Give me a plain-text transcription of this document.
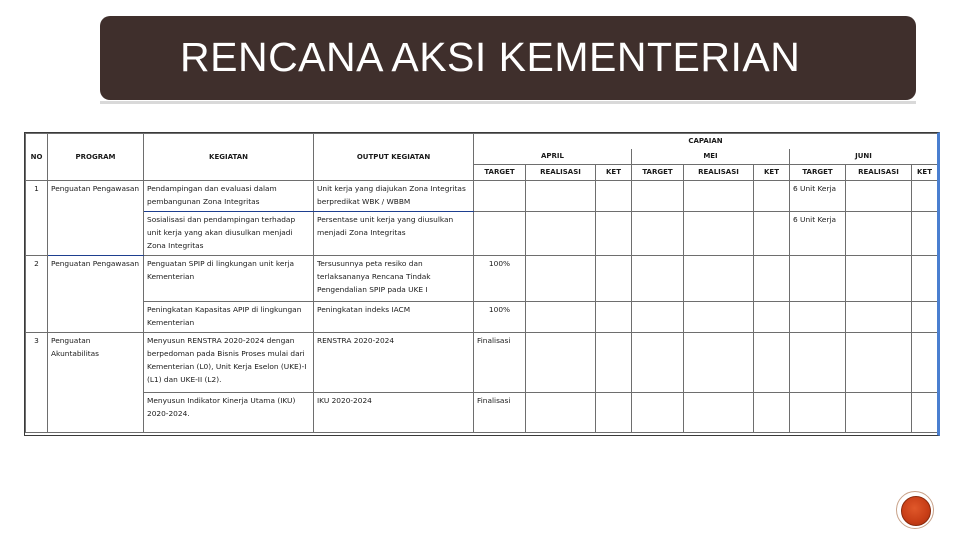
RENCANA AKSI KEMENTERIAN
NO	PROGRAM	KEGIATAN	OUTPUT KEGIATAN	CAPAIAN								
				APRIL			MEI			JUNI		
				TARGET	REALISASI	KET	TARGET	REALISASI	KET	TARGET	REALISASI	KET
1	Penguatan Pengawasan	Pendampingan dan evaluasi dalam pembangunan Zona Integritas	Unit kerja yang diajukan Zona Integritas berpredikat WBK / WBBM							6 Unit Kerja		
		Sosialisasi dan pendampingan terhadap unit kerja yang akan diusulkan menjadi Zona Integritas	Persentase unit kerja yang diusulkan menjadi Zona Integritas							6 Unit Kerja		
2	Penguatan Pengawasan	Penguatan SPIP di lingkungan unit kerja Kementerian	Tersusunnya peta resiko dan terlaksananya Rencana Tindak Pengendalian SPIP pada UKE I	100%								
		Peningkatan Kapasitas APIP di lingkungan Kementerian	Peningkatan indeks IACM	100%								
3	Penguatan Akuntabilitas	Menyusun RENSTRA 2020-2024 dengan berpedoman pada Bisnis Proses mulai dari Kementerian (L0), Unit Kerja Eselon (UKE)-I (L1) dan UKE-II (L2).	RENSTRA 2020-2024	Finalisasi								
		Menyusun Indikator Kinerja Utama (IKU) 2020-2024.	IKU 2020-2024	Finalisasi								
